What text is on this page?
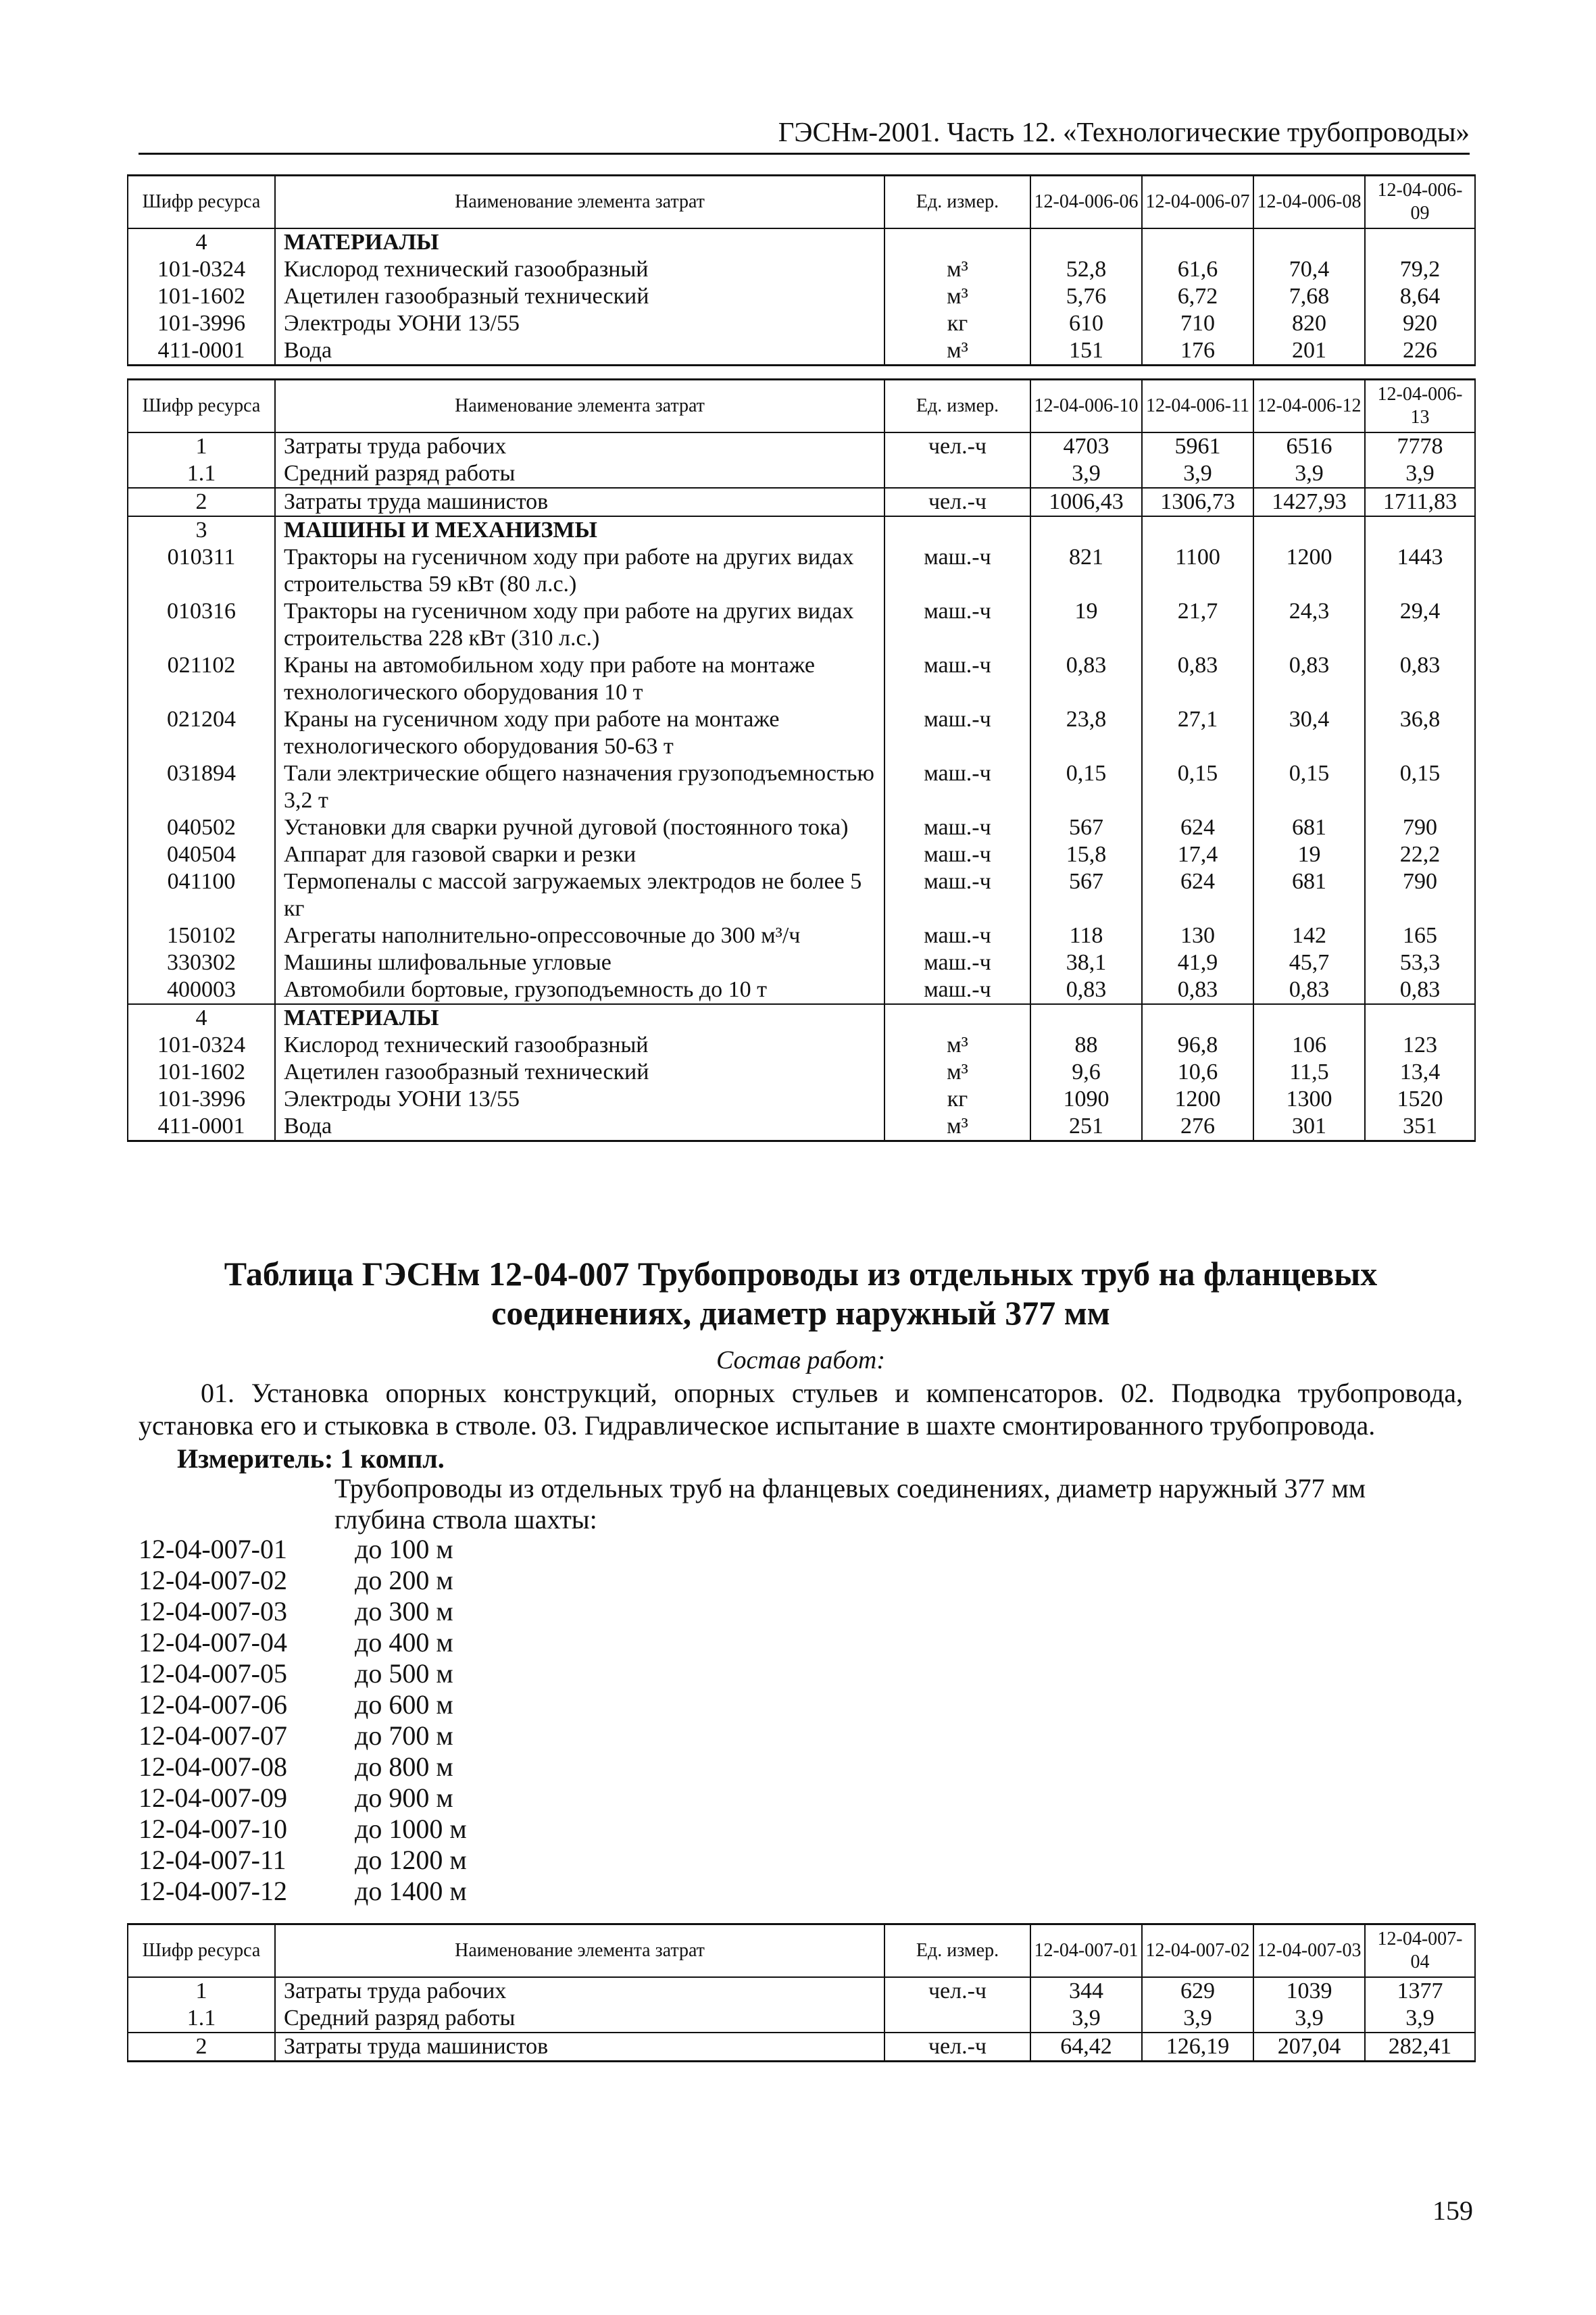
ГЭСНм-2001. Часть 12. «Технологические трубопроводы»
Шифр ресурса	Наименование элемента затрат	Ед. измер.	12-04-006-06	12-04-006-07	12-04-006-08	12-04-006-09
4	МАТЕРИАЛЫ					
101-0324	Кислород технический газообразный	м³	52,8	61,6	70,4	79,2
101-1602	Ацетилен газообразный технический	м³	5,76	6,72	7,68	8,64
101-3996	Электроды УОНИ 13/55	кг	610	710	820	920
411-0001	Вода	м³	151	176	201	226
Шифр ресурса	Наименование элемента затрат	Ед. измер.	12-04-006-10	12-04-006-11	12-04-006-12	12-04-006-13
1	Затраты труда рабочих	чел.-ч	4703	5961	6516	7778
1.1	Средний разряд работы		3,9	3,9	3,9	3,9
2	Затраты труда машинистов	чел.-ч	1006,43	1306,73	1427,93	1711,83
3	МАШИНЫ И МЕХАНИЗМЫ					
010311	Тракторы на гусеничном ходу при работе на других видах строительства 59 кВт (80 л.с.)	маш.-ч	821	1100	1200	1443
010316	Тракторы на гусеничном ходу при работе на других видах строительства 228 кВт (310 л.с.)	маш.-ч	19	21,7	24,3	29,4
021102	Краны на автомобильном ходу при работе на монтаже технологического оборудования 10 т	маш.-ч	0,83	0,83	0,83	0,83
021204	Краны на гусеничном ходу при работе на монтаже технологического оборудования 50-63 т	маш.-ч	23,8	27,1	30,4	36,8
031894	Тали электрические общего назначения грузоподъемностью 3,2 т	маш.-ч	0,15	0,15	0,15	0,15
040502	Установки для сварки ручной дуговой (постоянного тока)	маш.-ч	567	624	681	790
040504	Аппарат для газовой сварки и резки	маш.-ч	15,8	17,4	19	22,2
041100	Термопеналы с массой загружаемых электродов не более 5 кг	маш.-ч	567	624	681	790
150102	Агрегаты наполнительно-опрессовочные до 300 м³/ч	маш.-ч	118	130	142	165
330302	Машины шлифовальные угловые	маш.-ч	38,1	41,9	45,7	53,3
400003	Автомобили бортовые, грузоподъемность до 10 т	маш.-ч	0,83	0,83	0,83	0,83
4	МАТЕРИАЛЫ					
101-0324	Кислород технический газообразный	м³	88	96,8	106	123
101-1602	Ацетилен газообразный технический	м³	9,6	10,6	11,5	13,4
101-3996	Электроды УОНИ 13/55	кг	1090	1200	1300	1520
411-0001	Вода	м³	251	276	301	351
Таблица ГЭСНм 12-04-007 Трубопроводы из отдельных труб на фланцевых соединениях, диаметр наружный 377 мм
Состав работ:
01. Установка опорных конструкций, опорных стульев и компенсаторов. 02. Подводка трубопровода, установка его и стыковка в стволе. 03. Гидравлическое испытание в шахте смонтированного трубопровода.
Измеритель: 1 компл.
Трубопроводы из отдельных труб на фланцевых соединениях, диаметр наружный 377 мм глубина ствола шахты:
12-04-007-01	до 100 м
12-04-007-02	до 200 м
12-04-007-03	до 300 м
12-04-007-04	до 400 м
12-04-007-05	до 500 м
12-04-007-06	до 600 м
12-04-007-07	до 700 м
12-04-007-08	до 800 м
12-04-007-09	до 900 м
12-04-007-10	до 1000 м
12-04-007-11	до 1200 м
12-04-007-12	до 1400 м
Шифр ресурса	Наименование элемента затрат	Ед. измер.	12-04-007-01	12-04-007-02	12-04-007-03	12-04-007-04
1	Затраты труда рабочих	чел.-ч	344	629	1039	1377
1.1	Средний разряд работы		3,9	3,9	3,9	3,9
2	Затраты труда машинистов	чел.-ч	64,42	126,19	207,04	282,41
159
